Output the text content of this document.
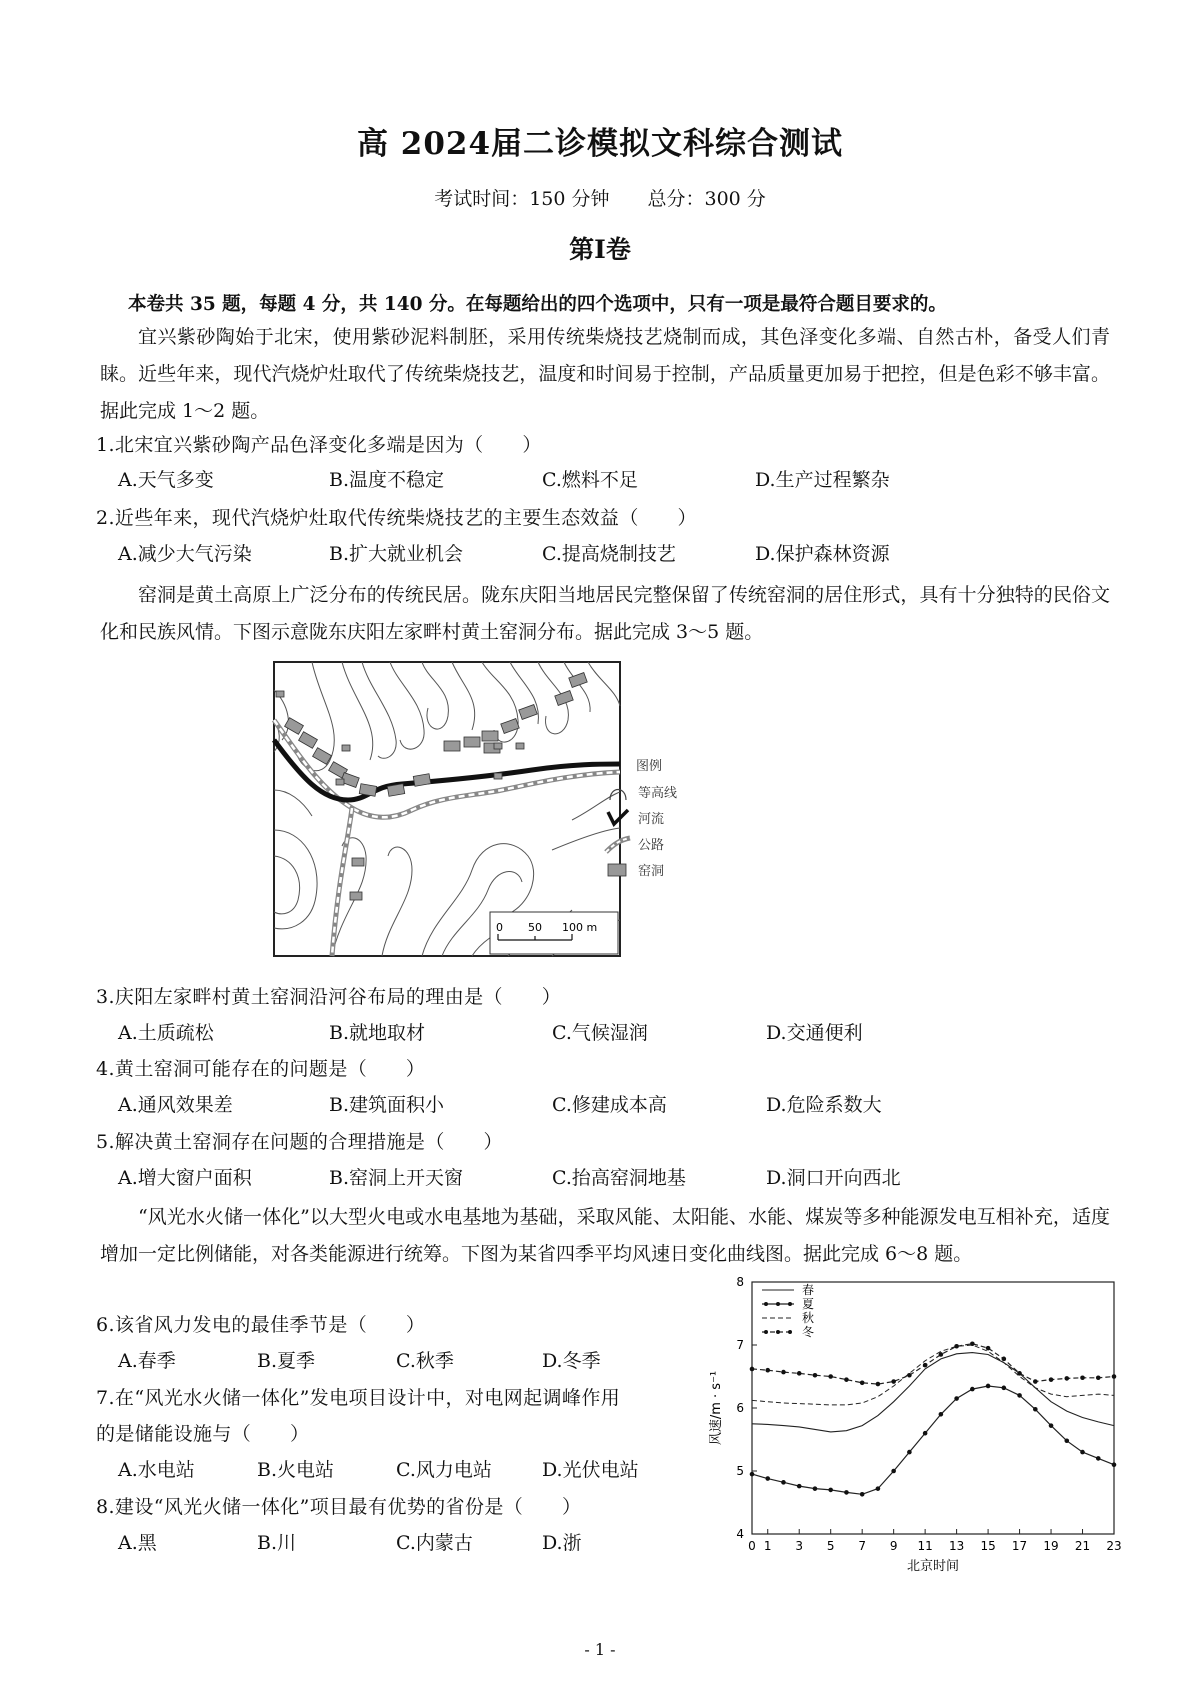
高 2024届二诊模拟文科综合测试
考试时间：150 分钟 总分：300 分
第Ⅰ卷
本卷共 35 题，每题 4 分，共 140 分。在每题给出的四个选项中，只有一项是最符合题目要求的。
宜兴紫砂陶始于北宋，使用紫砂泥料制胚，采用传统柴烧技艺烧制而成，其色泽变化多端、自然古朴，备受人们青睐。近些年来，现代汽烧炉灶取代了传统柴烧技艺，温度和时间易于控制，产品质量更加易于把控，但是色彩不够丰富。据此完成 1～2 题。
1.北宋宜兴紫砂陶产品色泽变化多端是因为（　　）
A.天气多变	B.温度不稳定	C.燃料不足	D.生产过程繁杂
2.近些年来，现代汽烧炉灶取代传统柴烧技艺的主要生态效益（　　）
A.减少大气污染	B.扩大就业机会	C.提高烧制技艺	D.保护森林资源
窑洞是黄土高原上广泛分布的传统民居。陇东庆阳当地居民完整保留了传统窑洞的居住形式，具有十分独特的民俗文化和民族风情。下图示意陇东庆阳左家畔村黄土窑洞分布。据此完成 3～5 题。
0 50 100 m
图例
等高线
河流
公路
窑洞
3.庆阳左家畔村黄土窑洞沿河谷布局的理由是（　　）
A.土质疏松	B.就地取材	C.气候湿润	D.交通便利
4.黄土窑洞可能存在的问题是（　　）
A.通风效果差	B.建筑面积小	C.修建成本高	D.危险系数大
5.解决黄土窑洞存在问题的合理措施是（　　）
A.增大窗户面积	B.窑洞上开天窗	C.抬高窑洞地基	D.洞口开向西北
“风光水火储一体化”以大型火电或水电基地为基础，采取风能、太阳能、水能、煤炭等多种能源发电互相补充，适度增加一定比例储能，对各类能源进行统筹。下图为某省四季平均风速日变化曲线图。据此完成 6～8 题。
6.该省风力发电的最佳季节是（　　）
A.春季	B.夏季	C.秋季	D.冬季
7.在“风光水火储一体化”发电项目设计中，对电网起调峰作用
的是储能设施与（　　）
A.水电站	B.火电站	C.风力电站	D.光伏电站
8.建设“风光火储一体化”项目最有优势的省份是（　　）
A.黑	B.川	C.内蒙古	D.浙	4
5
6
7
8
0 1 3 5 7 9 11 13 15 17 19 21 23
春
夏
秋
冬
风速/m · s⁻¹
北京时间
- 1 -
